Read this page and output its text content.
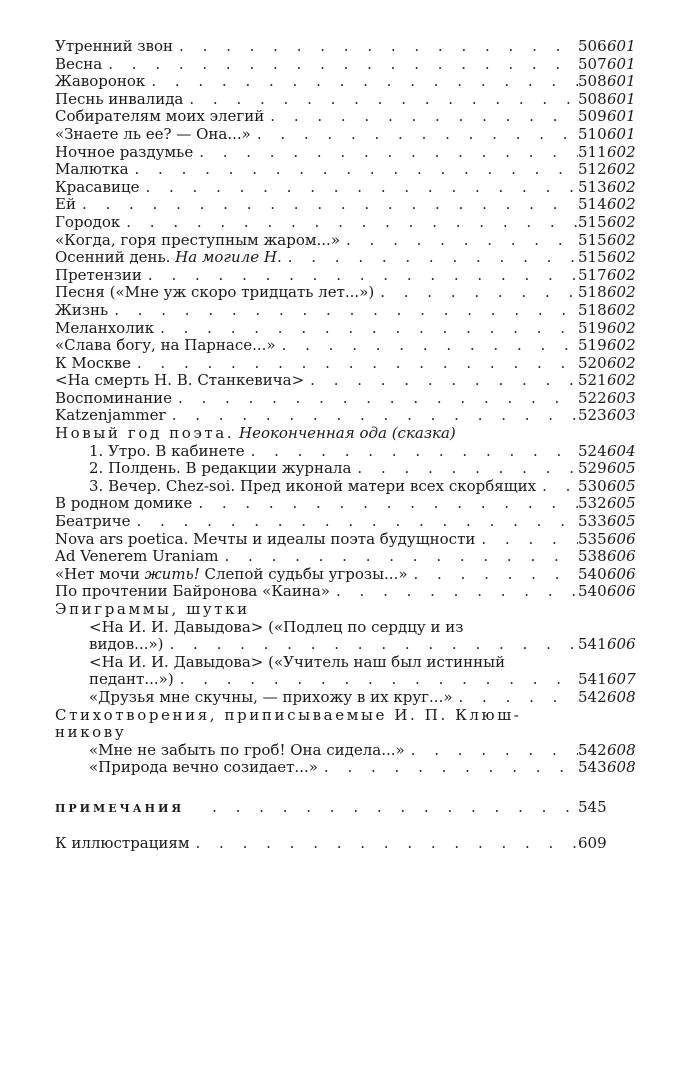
Утренний звон . . .	506 601
Весна . . .	507 601
Жаворонок . . .	508 601
Песнь инвалида . . .	508 601
Собирателям моих элегий . . .	509 601
«Знаете ль ее? — Она...» . . .	510 601
Ночное раздумье . . .	511 602
Малютка . . .	512 602
Красавице . . .	513 602
Ей . . .	514 602
Городок . . .	515 602
«Когда, горя преступным жаром...» . . .	515 602
Осенний день. На могиле Н. . . .	515 602
Претензии . . .	517 602
Песня («Мне уж скоро тридцать лет...») . . .	518 602
Жизнь . . .	518 602
Меланхолик . . .	519 602
«Слава богу, на Парнасе...» . . .	519 602
К Москве . . .	520 602
<На смерть Н. В. Станкевича> . . .	521 602
Воспоминание . . .	522 603
Katzenjammer . . .	523 603
Новый год поэта. Неоконченная ода (сказка)
1. Утро. В кабинете . . .	524 604
2. Полдень. В редакции журнала . . .	529 605
3. Вечер. Chez-soi. Пред иконой матери всех скорбящих . . .	530 605
В родном домике . . .	532 605
Беатриче . . .	533 605
Nova ars poetica. Мечты и идеалы поэта будущности . . .	535 606
Ad Venerem Uraniam . . .	538 606
«Нет мочи жить! Слепой судьбы угрозы...» . . .	540 606
По прочтении Байронова «Каина» . . .	540 606
Эпиграммы, шутки
<На И. И. Давыдова> («Подлец по сердцу и из
видов...») . . .	541 606
<На И. И. Давыдова> («Учитель наш был истинный
педант...») . . .	541 607
«Друзья мне скучны, — прихожу в их круг...» . . .	542 608
Стихотворения, приписываемые И. П. Клюш-
никову
«Мне не забыть по гроб! Она сидела...» . . .	542 608
«Природа вечно созидает...» . . .	543 608
ПРИМЕЧАНИЯ . . .	545
К иллюстрациям . . .	609
